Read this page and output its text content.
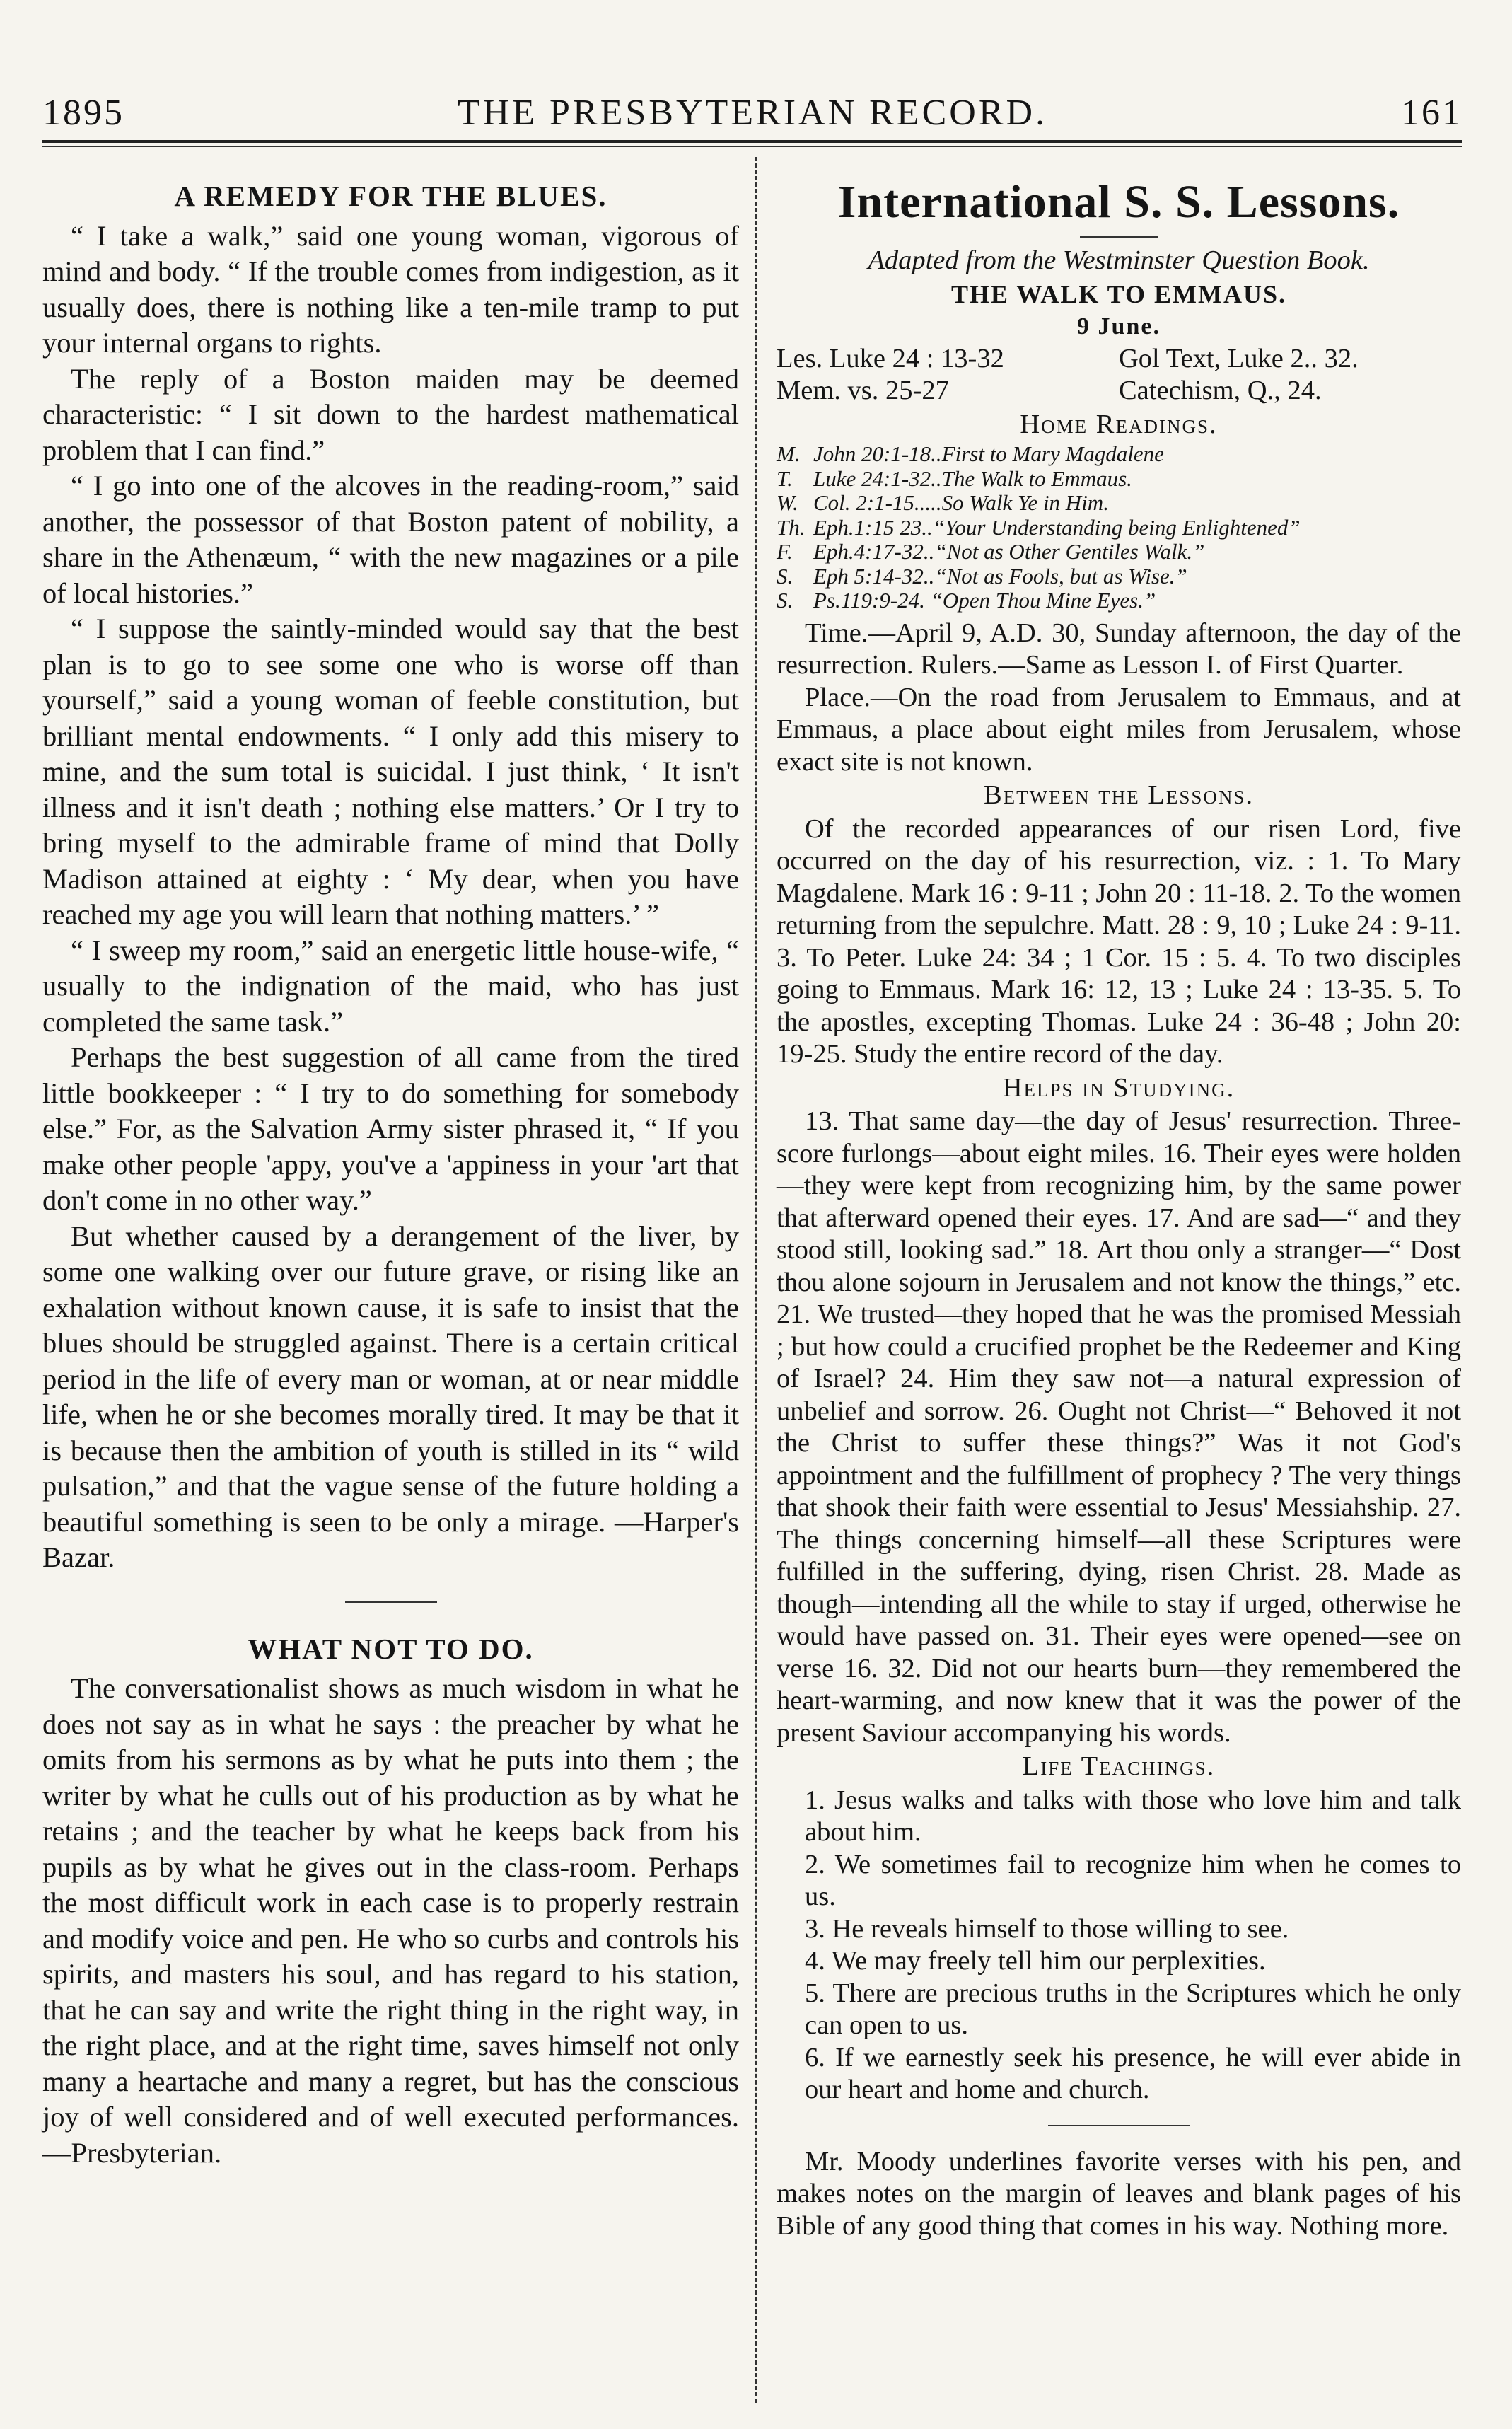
1895	THE PRESBYTERIAN RECORD.	161
A REMEDY FOR THE BLUES.

“ I take a walk,” said one young woman, vigorous of mind and body. “ If the trouble comes from indigestion, as it usually does, there is nothing like a ten-mile tramp to put your internal organs to rights.

The reply of a Boston maiden may be deemed characteristic: “ I sit down to the hardest mathematical problem that I can find.”

“ I go into one of the alcoves in the reading-room,” said another, the possessor of that Boston patent of nobility, a share in the Athenæum, “ with the new magazines or a pile of local histories.”

“ I suppose the saintly-minded would say that the best plan is to go to see some one who is worse off than yourself,” said a young woman of feeble constitution, but brilliant mental endowments. “ I only add this misery to mine, and the sum total is suicidal. I just think, ‘ It isn't illness and it isn't death ; nothing else matters.’ Or I try to bring myself to the admirable frame of mind that Dolly Madison attained at eighty : ‘ My dear, when you have reached my age you will learn that nothing matters.’ ”

“ I sweep my room,” said an energetic little house-wife, “ usually to the indignation of the maid, who has just completed the same task.”

Perhaps the best suggestion of all came from the tired little bookkeeper : “ I try to do something for somebody else.” For, as the Salvation Army sister phrased it, “ If you make other people 'appy, you've a 'appiness in your 'art that don't come in no other way.”

But whether caused by a derangement of the liver, by some one walking over our future grave, or rising like an exhalation without known cause, it is safe to insist that the blues should be struggled against. There is a certain critical period in the life of every man or woman, at or near middle life, when he or she becomes morally tired. It may be that it is because then the ambition of youth is stilled in its “ wild pulsation,” and that the vague sense of the future holding a beautiful something is seen to be only a mirage. —Harper's Bazar.

WHAT NOT TO DO.

The conversationalist shows as much wisdom in what he does not say as in what he says : the preacher by what he omits from his sermons as by what he puts into them ; the writer by what he culls out of his production as by what he retains ; and the teacher by what he keeps back from his pupils as by what he gives out in the class-room. Perhaps the most difficult work in each case is to properly restrain and modify voice and pen. He who so curbs and controls his spirits, and masters his soul, and has regard to his station, that he can say and write the right thing in the right way, in the right place, and at the right time, saves himself not only many a heartache and many a regret, but has the conscious joy of well considered and of well executed performances.—Presbyterian.

International S. S. Lessons.
Adapted from the Westminster Question Book.
THE WALK TO EMMAUS.
9 June.
Les. Luke 24 : 13-32	Gol Text, Luke 2.. 32.
Mem. vs. 25-27	Catechism, Q., 24.
Home Readings.
M. John 20:1-18..First to Mary Magdalene
T. Luke 24:1-32..The Walk to Emmaus.
W. Col. 2:1-15.....So Walk Ye in Him.
Th. Eph.1:15 23..“Your Understanding being Enlightened”
F. Eph.4:17-32..“Not as Other Gentiles Walk.”
S. Eph 5:14-32..“Not as Fools, but as Wise.”
S. Ps.119:9-24. “Open Thou Mine Eyes.”

Time.—April 9, A.D. 30, Sunday afternoon, the day of the resurrection. Rulers.—Same as Lesson I. of First Quarter.

Place.—On the road from Jerusalem to Emmaus, and at Emmaus, a place about eight miles from Jerusalem, whose exact site is not known.

Between the Lessons.

Of the recorded appearances of our risen Lord, five occurred on the day of his resurrection, viz. : 1. To Mary Magdalene. Mark 16 : 9-11 ; John 20 : 11-18. 2. To the women returning from the sepulchre. Matt. 28 : 9, 10 ; Luke 24 : 9-11. 3. To Peter. Luke 24: 34 ; 1 Cor. 15 : 5. 4. To two disciples going to Emmaus. Mark 16: 12, 13 ; Luke 24 : 13-35. 5. To the apostles, excepting Thomas. Luke 24 : 36-48 ; John 20: 19-25. Study the entire record of the day.

Helps in Studying.

13. That same day—the day of Jesus' resurrection. Three-score furlongs—about eight miles. 16. Their eyes were holden—they were kept from recognizing him, by the same power that afterward opened their eyes. 17. And are sad—“ and they stood still, looking sad.” 18. Art thou only a stranger—“ Dost thou alone sojourn in Jerusalem and not know the things,” etc. 21. We trusted—they hoped that he was the promised Messiah ; but how could a crucified prophet be the Redeemer and King of Israel? 24. Him they saw not—a natural expression of unbelief and sorrow. 26. Ought not Christ—“ Behoved it not the Christ to suffer these things?” Was it not God's appointment and the fulfillment of prophecy ? The very things that shook their faith were essential to Jesus' Messiahship. 27. The things concerning himself—all these Scriptures were fulfilled in the suffering, dying, risen Christ. 28. Made as though—intending all the while to stay if urged, otherwise he would have passed on. 31. Their eyes were opened—see on verse 16. 32. Did not our hearts burn—they remembered the heart-warming, and now knew that it was the power of the present Saviour accompanying his words.

Life Teachings.

1. Jesus walks and talks with those who love him and talk about him.

2. We sometimes fail to recognize him when he comes to us.

3. He reveals himself to those willing to see.

4. We may freely tell him our perplexities.

5. There are precious truths in the Scriptures which he only can open to us.

6. If we earnestly seek his presence, he will ever abide in our heart and home and church.

Mr. Moody underlines favorite verses with his pen, and makes notes on the margin of leaves and blank pages of his Bible of any good thing that comes in his way. Nothing more.
